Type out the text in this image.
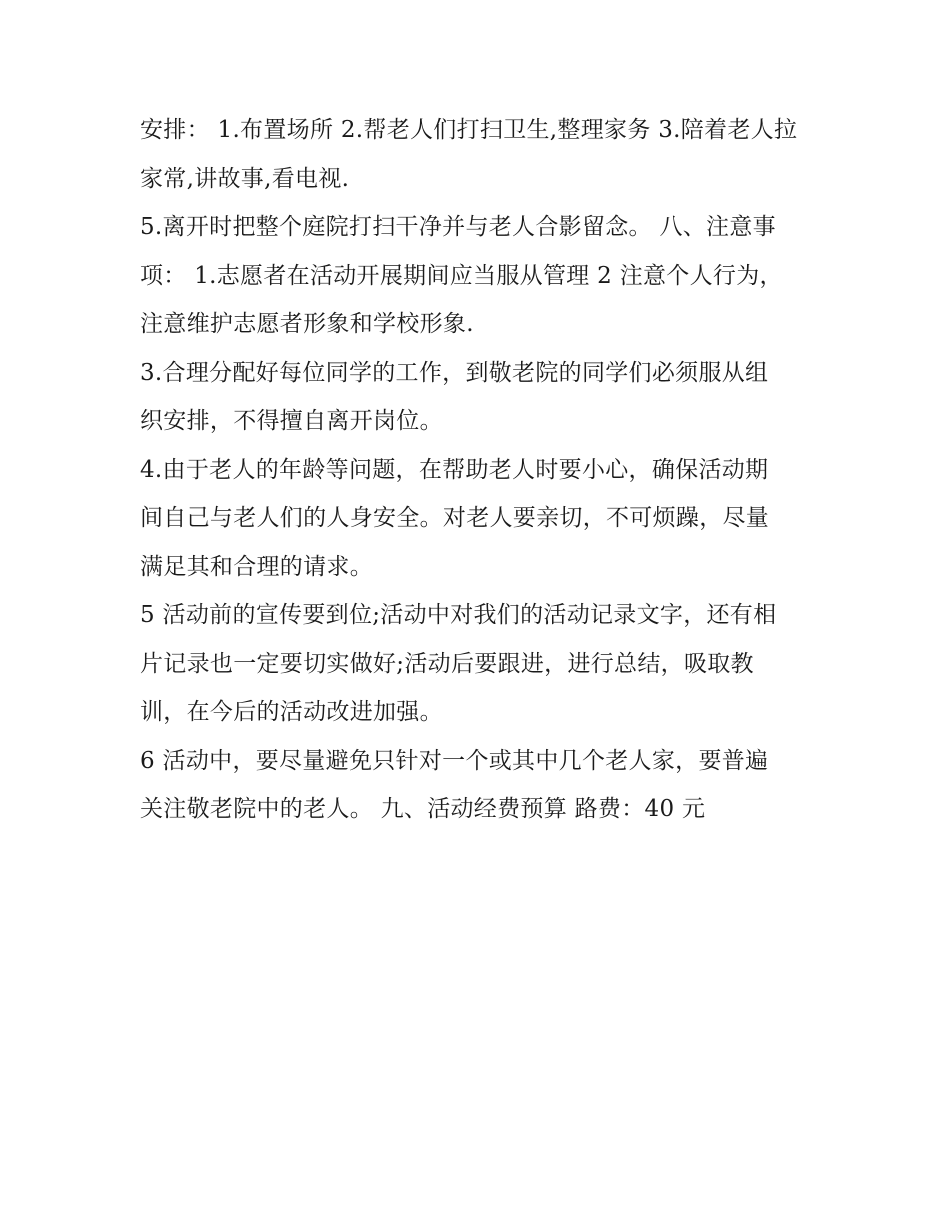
安排： 1.布置场所 2.帮老人们打扫卫生,整理家务 3.陪着老人拉
家常,讲故事,看电视.

5.离开时把整个庭院打扫干净并与老人合影留念。 八、注意事
项： 1.志愿者在活动开展期间应当服从管理 2 注意个人行为，
注意维护志愿者形象和学校形象.

3.合理分配好每位同学的工作，到敬老院的同学们必须服从组
织安排，不得擅自离开岗位。

4.由于老人的年龄等问题，在帮助老人时要小心，确保活动期
间自己与老人们的人身安全。对老人要亲切，不可烦躁，尽量
满足其和合理的请求。

5 活动前的宣传要到位;活动中对我们的活动记录文字，还有相
片记录也一定要切实做好;活动后要跟进，进行总结，吸取教
训，在今后的活动改进加强。

6 活动中，要尽量避免只针对一个或其中几个老人家，要普遍
关注敬老院中的老人。 九、活动经费预算 路费：40 元
